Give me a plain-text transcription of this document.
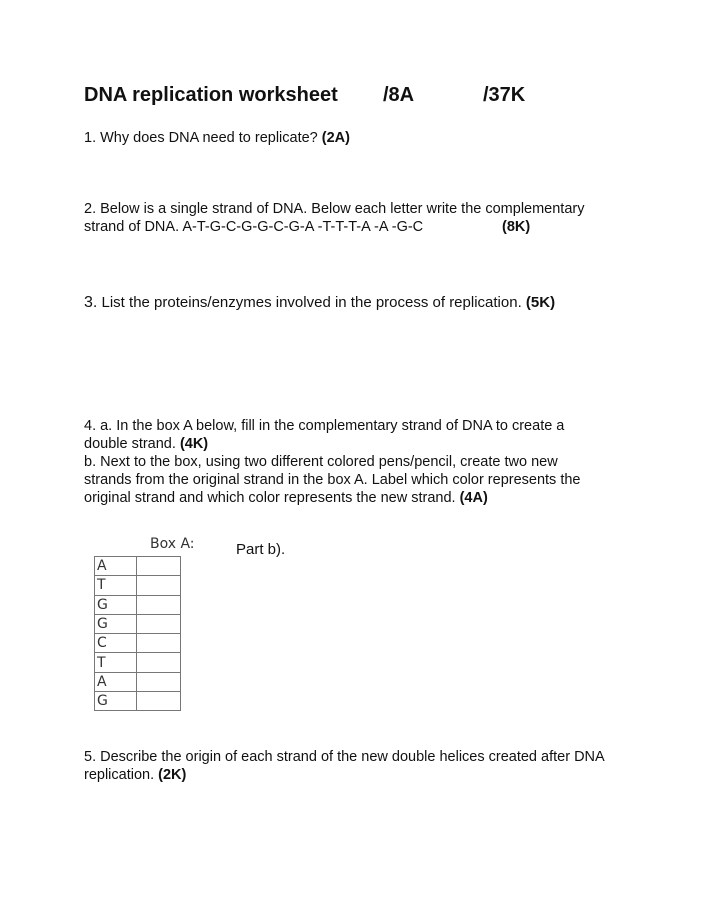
DNA replication worksheet /8A	/37K
1. Why does DNA need to replicate? (2A)
2. Below is a single strand of DNA. Below each letter write the complementary
strand of DNA. A-T-G-C-G-G-C-G-A -T-T-T-A -A -G-C	(8K)
3. List the proteins/enzymes involved in the process of replication. (5K)
4. a. In the box A below, fill in the complementary strand of DNA to create a
double strand. (4K)
b. Next to the box, using two different colored pens/pencil, create two new
strands from the original strand in the box A. Label which color represents the
original strand and which color represents the new strand. (4A)
Box A:
A	
T	
G	
G	
C	
T	
A	
G	
Part b).
5. Describe the origin of each strand of the new double helices created after DNA
replication. (2K)
